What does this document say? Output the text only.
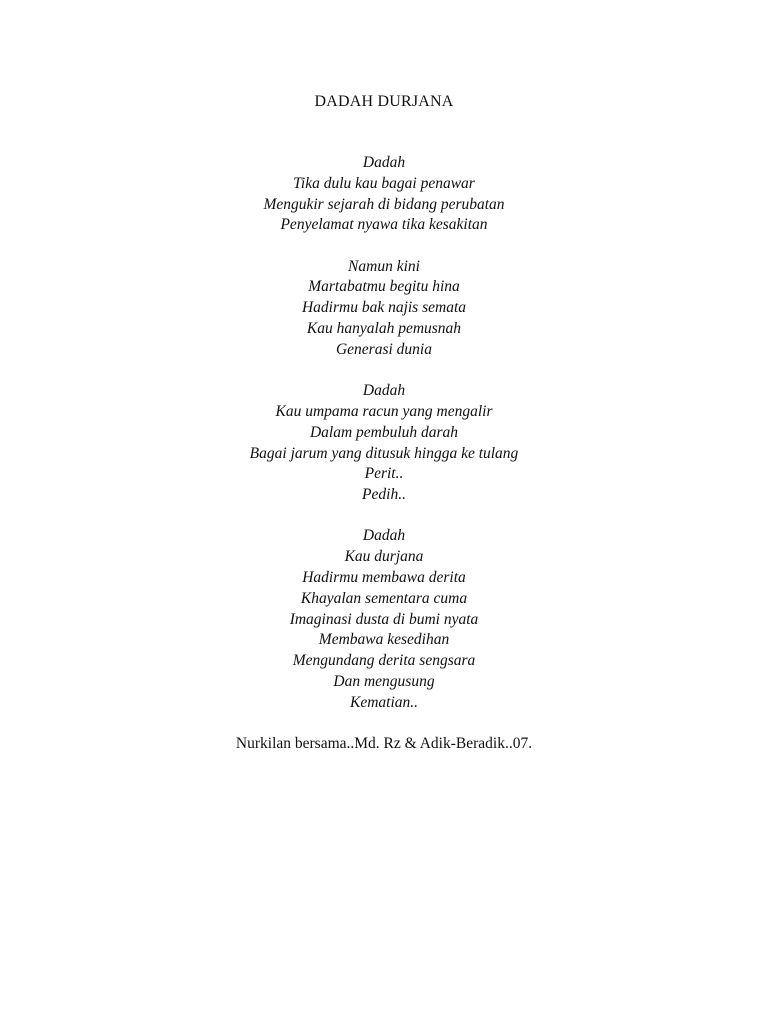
DADAH DURJANA
Dadah
Tika dulu kau bagai penawar
Mengukir sejarah di bidang perubatan
Penyelamat nyawa tika kesakitan
Namun kini
Martabatmu begitu hina
Hadirmu bak najis semata
Kau hanyalah pemusnah
Generasi dunia
Dadah
Kau umpama racun yang mengalir
Dalam pembuluh darah
Bagai jarum yang ditusuk hingga ke tulang
Perit..
Pedih..
Dadah
Kau durjana
Hadirmu membawa derita
Khayalan sementara cuma
Imaginasi dusta di bumi nyata
Membawa kesedihan
Mengundang derita sengsara
Dan mengusung
Kematian..
Nurkilan bersama..Md. Rz & Adik-Beradik..07.
